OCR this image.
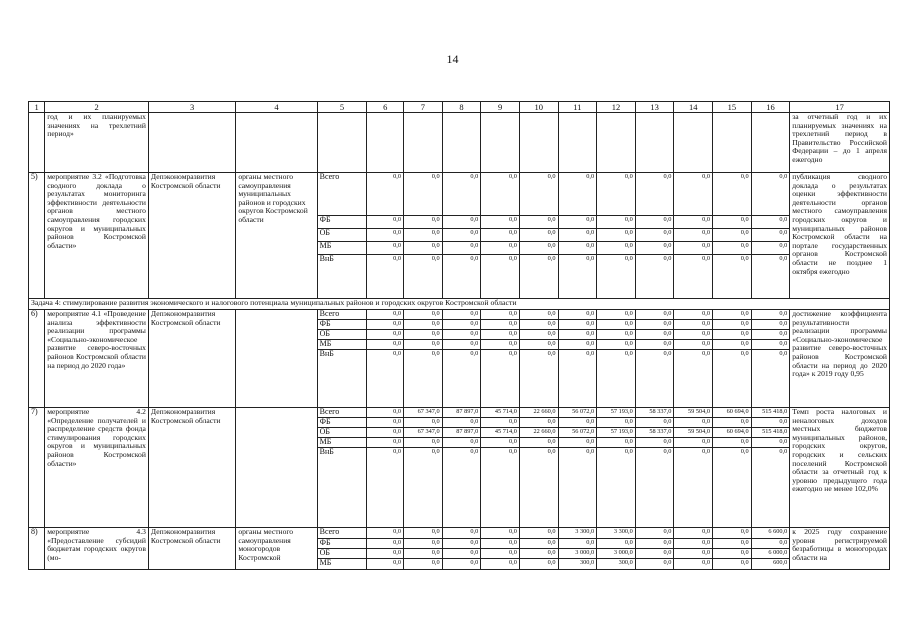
14
1	2	3	4	5	6	7	8	9	10	11	12	13	14	15	16	17
	год и их планируемых значениях на трехлетний период»															за отчетный год и их планируемых значениях на трехлетний период в Правительство Российской Федерации – до 1 апреля ежегодно
5)	мероприятие 3.2 «Подготовка сводного доклада о результатах мониторинга эффективности деятельности органов местного самоуправления городских округов и муниципальных районов Костромской области»	Депэкономразвития Костромской области	органы местного самоуправления муниципальных районов и городских округов Костромской области	Всего	0,0	0,0	0,0	0,0	0,0	0,0	0,0	0,0	0,0	0,0	0,0	публикация сводного доклада о результатах оценки эффективности деятельности органов местного самоуправления городских округов и муниципальных районов Костромской области на портале государственных органов Костромской области не позднее 1 октября ежегодно
				ФБ	0,0	0,0	0,0	0,0	0,0	0,0	0,0	0,0	0,0	0,0	0,0	
				ОБ	0,0	0,0	0,0	0,0	0,0	0,0	0,0	0,0	0,0	0,0	0,0	
				МБ	0,0	0,0	0,0	0,0	0,0	0,0	0,0	0,0	0,0	0,0	0,0	
				ВнБ	0,0	0,0	0,0	0,0	0,0	0,0	0,0	0,0	0,0	0,0	0,0	
Задача 4: стимулирование развития экономического и налогового потенциала муниципальных районов и городских округов Костромской области																
6)	мероприятие 4.1 «Проведение анализа эффективности реализации программы «Социально-экономическое развитие северо-восточных районов Костромской области на период до 2020 года»	Депэкономразвития Костромской области		Всего	0,0	0,0	0,0	0,0	0,0	0,0	0,0	0,0	0,0	0,0	0,0	достижение коэффициента результативности реализации программы «Социально-экономическое развитие северо-восточных районов Костромской области на период до 2020 года» к 2019 году 0,95
				ФБ	0,0	0,0	0,0	0,0	0,0	0,0	0,0	0,0	0,0	0,0	0,0	
				ОБ	0,0	0,0	0,0	0,0	0,0	0,0	0,0	0,0	0,0	0,0	0,0	
				МБ	0,0	0,0	0,0	0,0	0,0	0,0	0,0	0,0	0,0	0,0	0,0	
				ВнБ	0,0	0,0	0,0	0,0	0,0	0,0	0,0	0,0	0,0	0,0	0,0	
7)	мероприятие 4.2 «Определение получателей и распределение средств фонда стимулирования городских округов и муниципальных районов Костромской области»	Депэкономразвития Костромской области		Всего	0,0	67 347,0	87 897,0	45 714,0	22 660,0	56 072,0	57 193,0	58 337,0	59 504,0	60 694,0	515 418,0	Темп роста налоговых и неналоговых доходов местных бюджетов муниципальных районов, городских округов, городских и сельских поселений Костромской области за отчетный год к уровню предыдущего года ежегодно не менее 102,0%
				ФБ	0,0	0,0	0,0	0,0	0,0	0,0	0,0	0,0	0,0	0,0	0,0	
				ОБ	0,0	67 347,0	87 897,0	45 714,0	22 660,0	56 072,0	57 193,0	58 337,0	59 504,0	60 694,0	515 418,0	
				МБ	0,0	0,0	0,0	0,0	0,0	0,0	0,0	0,0	0,0	0,0	0,0	
				ВнБ	0,0	0,0	0,0	0,0	0,0	0,0	0,0	0,0	0,0	0,0	0,0	
8)	мероприятие 4.3 «Предоставление субсидий бюджетам городских округов (мо-	Депэкономразвития Костромской области	органы местного самоуправления моногородов Костромской	Всего	0,0	0,0	0,0	0,0	0,0	3 300,0	3 300,0	0,0	0,0	0,0	6 600,0	к 2025 году сохранение уровня регистрируемой безработицы в моногородах области на
				ФБ	0,0	0,0	0,0	0,0	0,0	0,0	0,0	0,0	0,0	0,0	0,0	
				ОБ	0,0	0,0	0,0	0,0	0,0	3 000,0	3 000,0	0,0	0,0	0,0	6 000,0	
				МБ	0,0	0,0	0,0	0,0	0,0	300,0	300,0	0,0	0,0	0,0	600,0	
